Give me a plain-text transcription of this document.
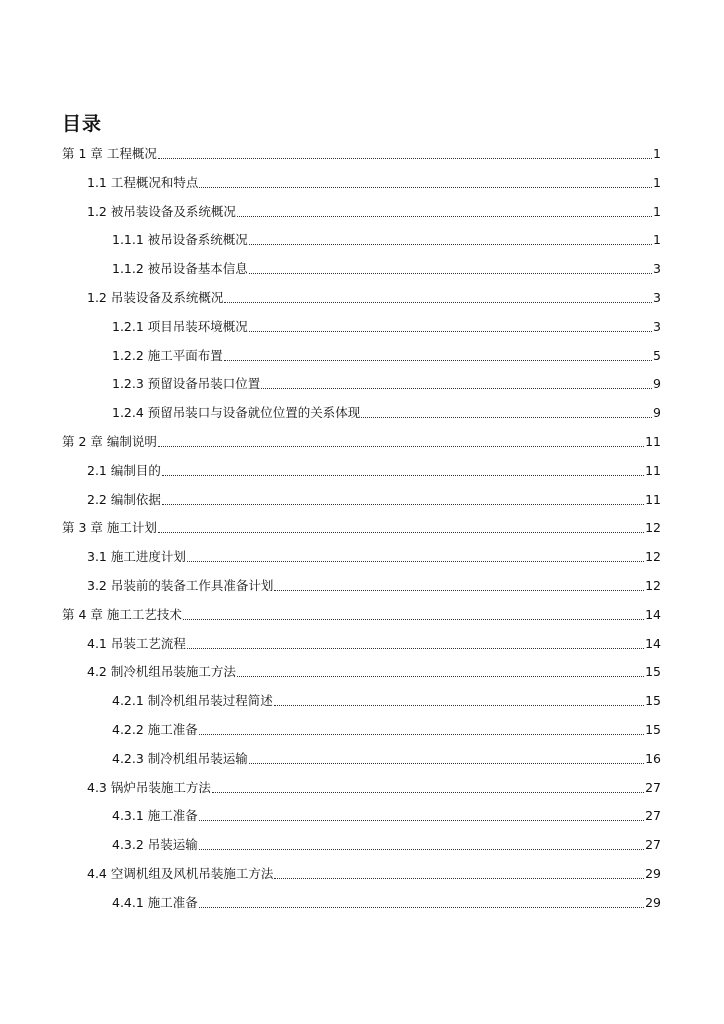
目录
第 1 章 工程概况	1
1.1 工程概况和特点	1
1.2 被吊装设备及系统概况	1
1.1.1 被吊设备系统概况	1
1.1.2 被吊设备基本信息	3
1.2 吊装设备及系统概况	3
1.2.1 项目吊装环境概况	3
1.2.2 施工平面布置	5
1.2.3 预留设备吊装口位置	9
1.2.4 预留吊装口与设备就位位置的关系体现	9
第 2 章 编制说明	11
2.1 编制目的	11
2.2 编制依据	11
第 3 章 施工计划	12
3.1 施工进度计划	12
3.2 吊装前的装备工作具准备计划	12
第 4 章 施工工艺技术	14
4.1 吊装工艺流程	14
4.2 制冷机组吊装施工方法	15
4.2.1 制冷机组吊装过程简述	15
4.2.2 施工准备	15
4.2.3 制冷机组吊装运输	16
4.3 锅炉吊装施工方法	27
4.3.1 施工准备	27
4.3.2 吊装运输	27
4.4 空调机组及风机吊装施工方法	29
4.4.1 施工准备	29
